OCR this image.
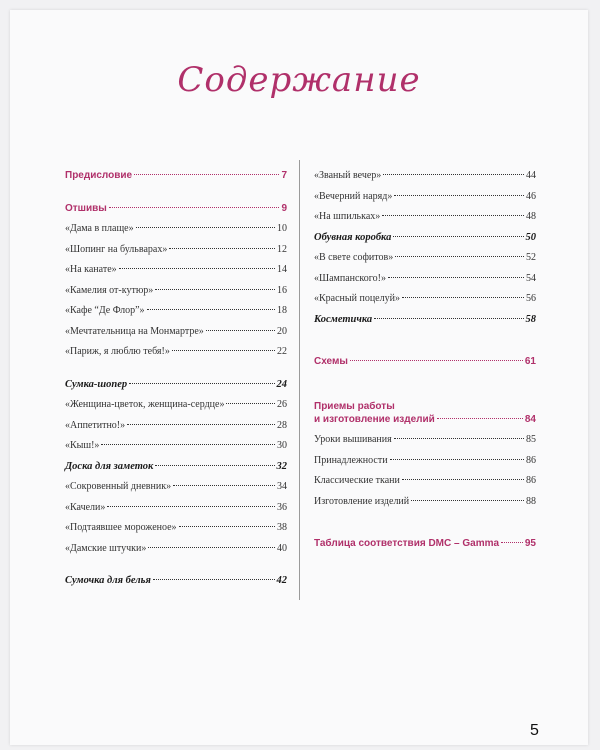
Содержание
Предисловие	7
Отшивы	9
«Дама в плаще»	10
«Шопинг на бульварах»	12
«На канате»	14
«Камелия от-кутюр»	16
«Кафе “Де Флор”»	18
«Мечтательница на Монмартре»	20
«Париж, я люблю тебя!»	22
Сумка-шопер	24
«Женщина-цветок, женщина-сердце»	26
«Аппетитно!»	28
«Кыш!»	30
Доска для заметок	32
«Сокровенный дневник»	34
«Качели»	36
«Подтаявшее мороженое»	38
«Дамские штучки»	40
Сумочка для белья	42
«Званый вечер»	44
«Вечерний наряд»	46
«На шпильках»	48
Обувная коробка	50
«В свете софитов»	52
«Шампанского!»	54
«Красный поцелуй»	56
Косметичка	58
Схемы	61
Приемы работы
и изготовление изделий	84
Уроки вышивания	85
Принадлежности	86
Классические ткани	86
Изготовление изделий	88
Таблица соответствия DMC – Gamma	95
5
